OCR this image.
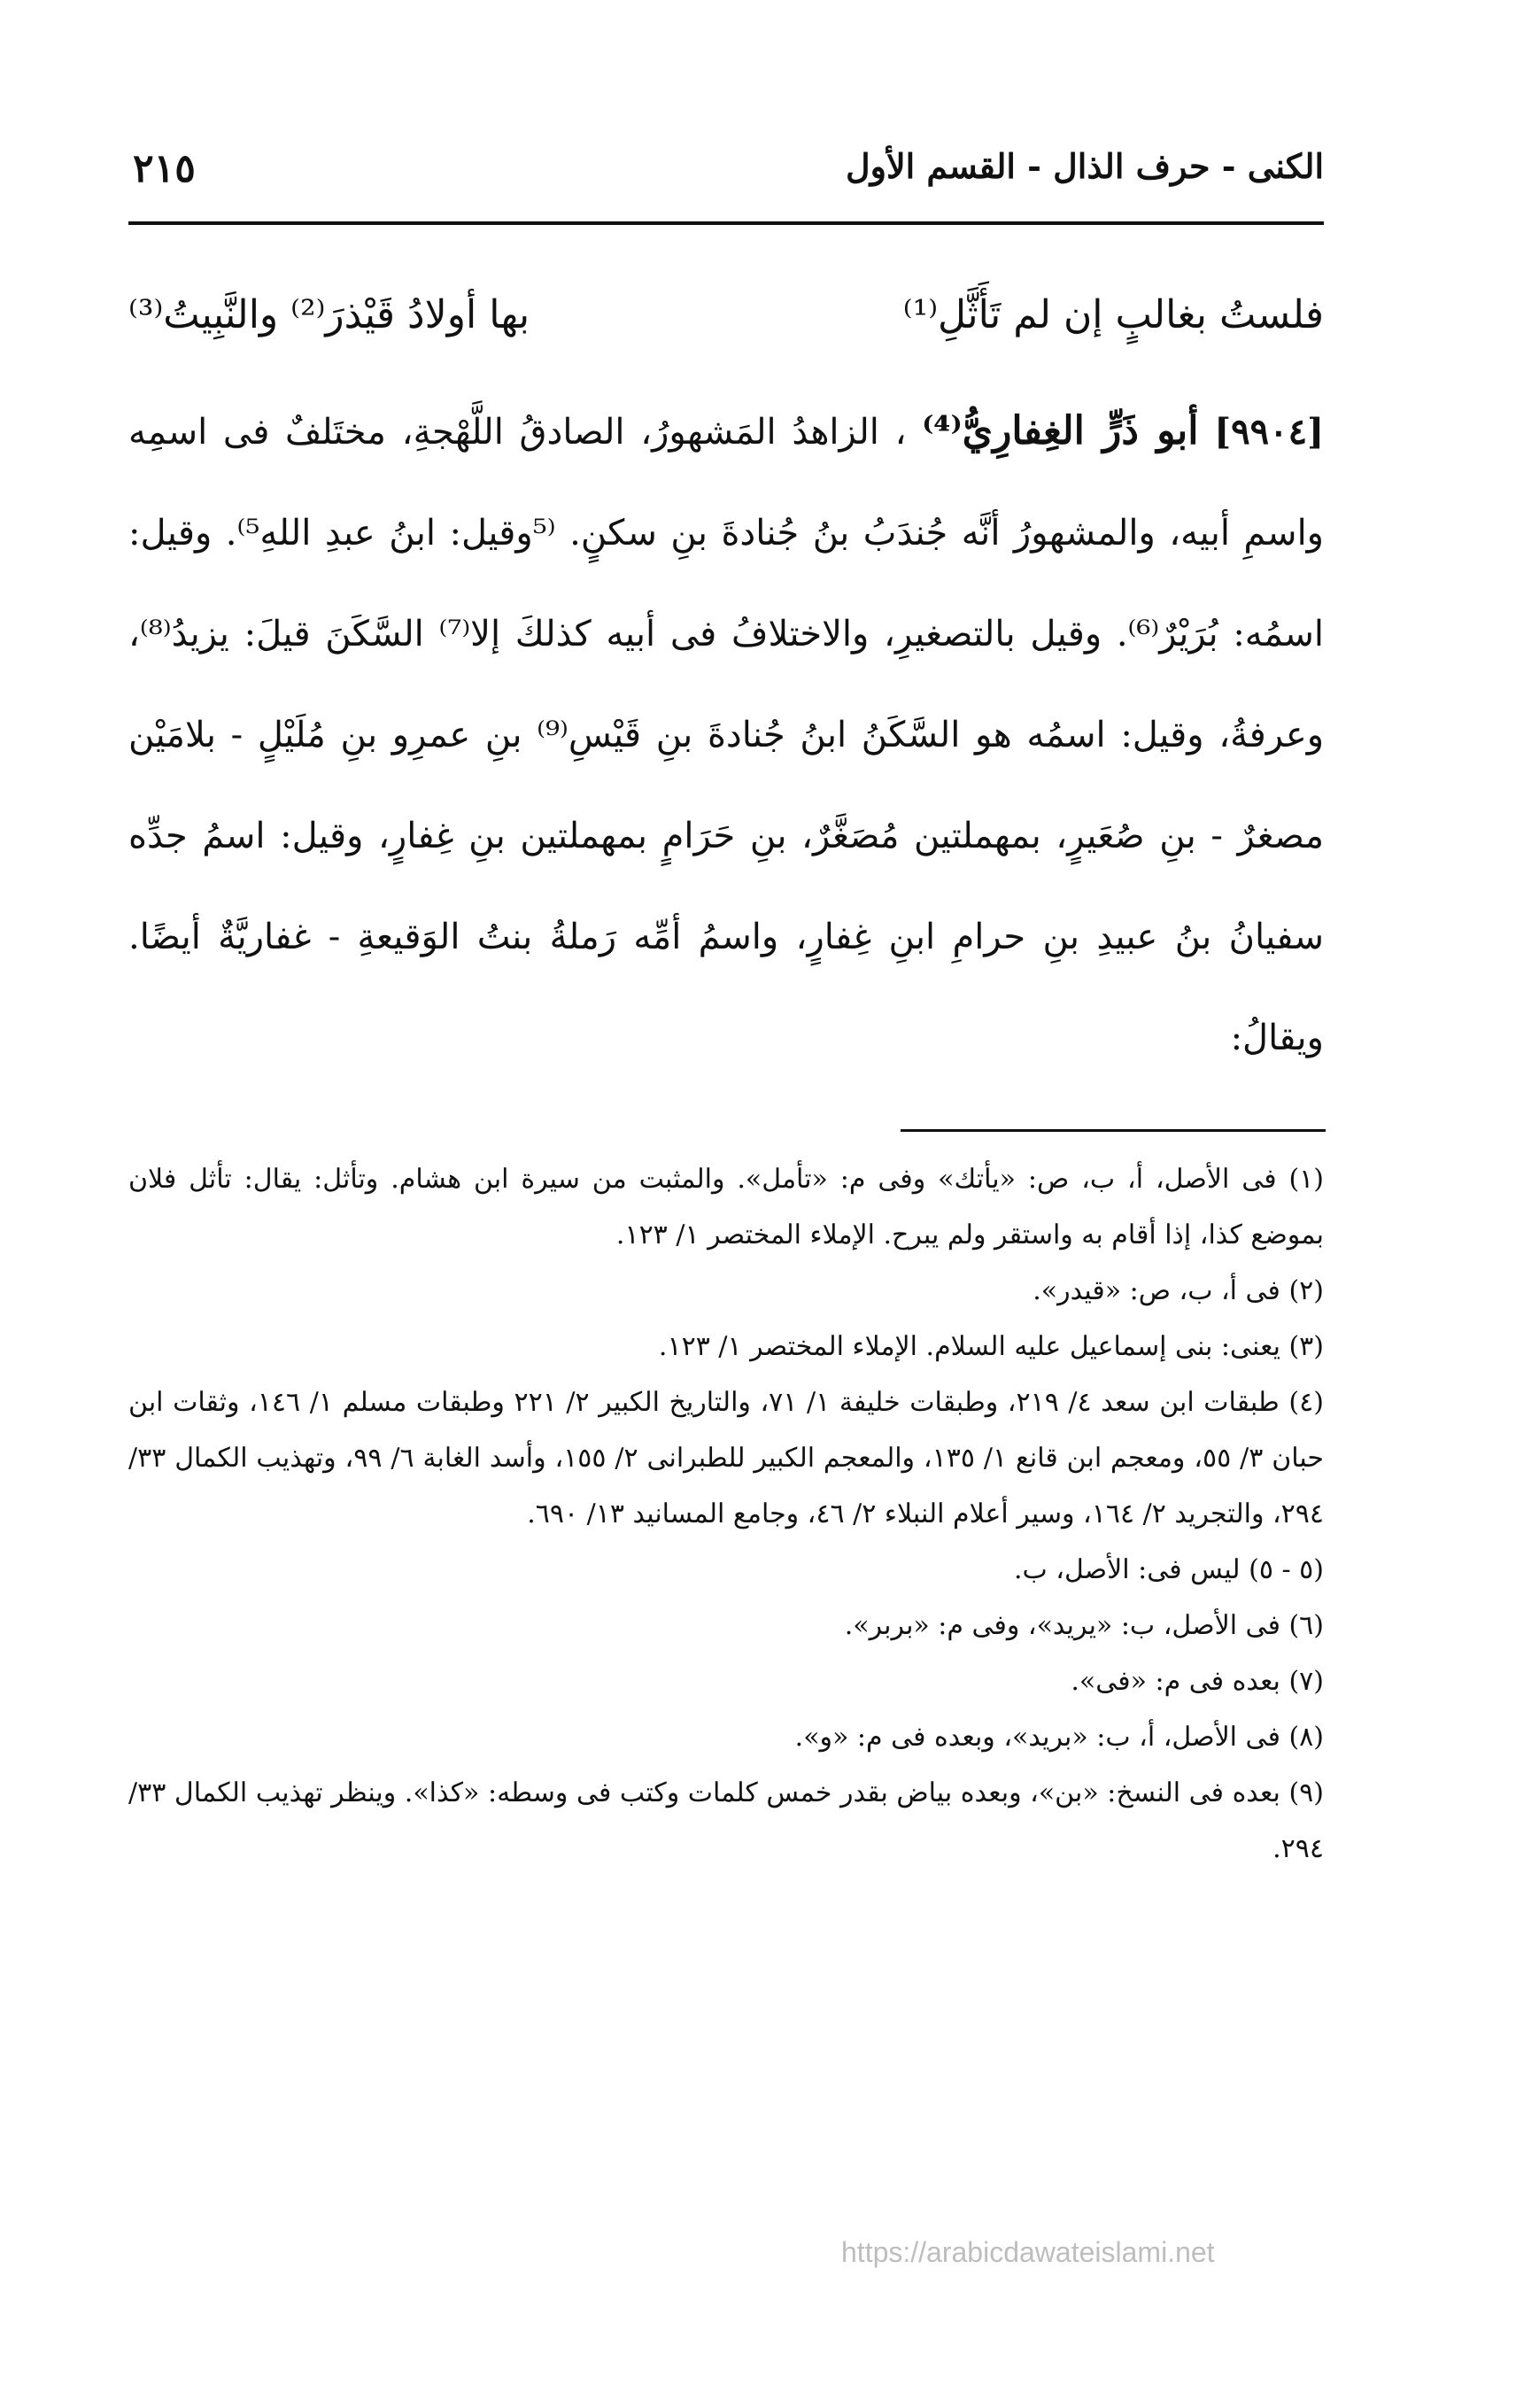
٢١٥	الكنى - حرف الذال - القسم الأول
فلستُ بغالبٍ إن لم تَأَثَّلِ⁽¹⁾
بها أولادُ قَيْذرَ⁽²⁾ والنَّبِيتُ⁽³⁾

[٩٩٠٤] أبو ذَرٍّ الغِفارِيُّ⁽⁴⁾ ، الزاهدُ المَشهورُ، الصادقُ اللَّهْجةِ، مختَلفٌ فى اسمِه واسمِ أبيه، والمشهورُ أنَّه جُندَبُ بنُ جُنادةَ بنِ سكنٍ. ⁽⁵وقيل: ابنُ عبدِ اللهِ⁵⁾. وقيل: اسمُه: بُرَيْرٌ⁽⁶⁾. وقيل بالتصغيرِ، والاختلافُ فى أبيه كذلكَ إلا⁽⁷⁾ السَّكَنَ قيلَ: يزيدُ⁽⁸⁾، وعرفةُ، وقيل: اسمُه هو السَّكَنُ ابنُ جُنادةَ بنِ قَيْسِ⁽⁹⁾ بنِ عمرِو بنِ مُلَيْلٍ - بلامَيْن مصغرٌ - بنِ صُعَيرٍ، بمهملتين مُصَغَّرٌ، بنِ حَرَامٍ بمهملتين بنِ غِفارٍ، وقيل: اسمُ جدِّه سفيانُ بنُ عبيدِ بنِ حرامِ ابنِ غِفارٍ، واسمُ أمِّه رَملةُ بنتُ الوَقيعةِ - غفاريَّةٌ أيضًا. ويقالُ:

(١) فى الأصل، أ، ب، ص: «يأتك» وفى م: «تأمل». والمثبت من سيرة ابن هشام. وتأثل: يقال: تأثل فلان بموضع كذا، إذا أقام به واستقر ولم يبرح. الإملاء المختصر ١/ ١٢٣.

(٢) فى أ، ب، ص: «قيدر».

(٣) يعنى: بنى إسماعيل عليه السلام. الإملاء المختصر ١/ ١٢٣.

(٤) طبقات ابن سعد ٤/ ٢١٩، وطبقات خليفة ١/ ٧١، والتاريخ الكبير ٢/ ٢٢١ وطبقات مسلم ١/ ١٤٦، وثقات ابن حبان ٣/ ٥٥، ومعجم ابن قانع ١/ ١٣٥، والمعجم الكبير للطبرانى ٢/ ١٥٥، وأسد الغابة ٦/ ٩٩، وتهذيب الكمال ٣٣/ ٢٩٤، والتجريد ٢/ ١٦٤، وسير أعلام النبلاء ٢/ ٤٦، وجامع المسانيد ١٣/ ٦٩٠.

(٥ - ٥) ليس فى: الأصل، ب.

(٦) فى الأصل، ب: «يريد»، وفى م: «بربر».

(٧) بعده فى م: «فى».

(٨) فى الأصل، أ، ب: «بريد»، وبعده فى م: «و».

(٩) بعده فى النسخ: «بن»، وبعده بياض بقدر خمس كلمات وكتب فى وسطه: «كذا». وينظر تهذيب الكمال ٣٣/ ٢٩٤.

https://arabicdawateislami.net
